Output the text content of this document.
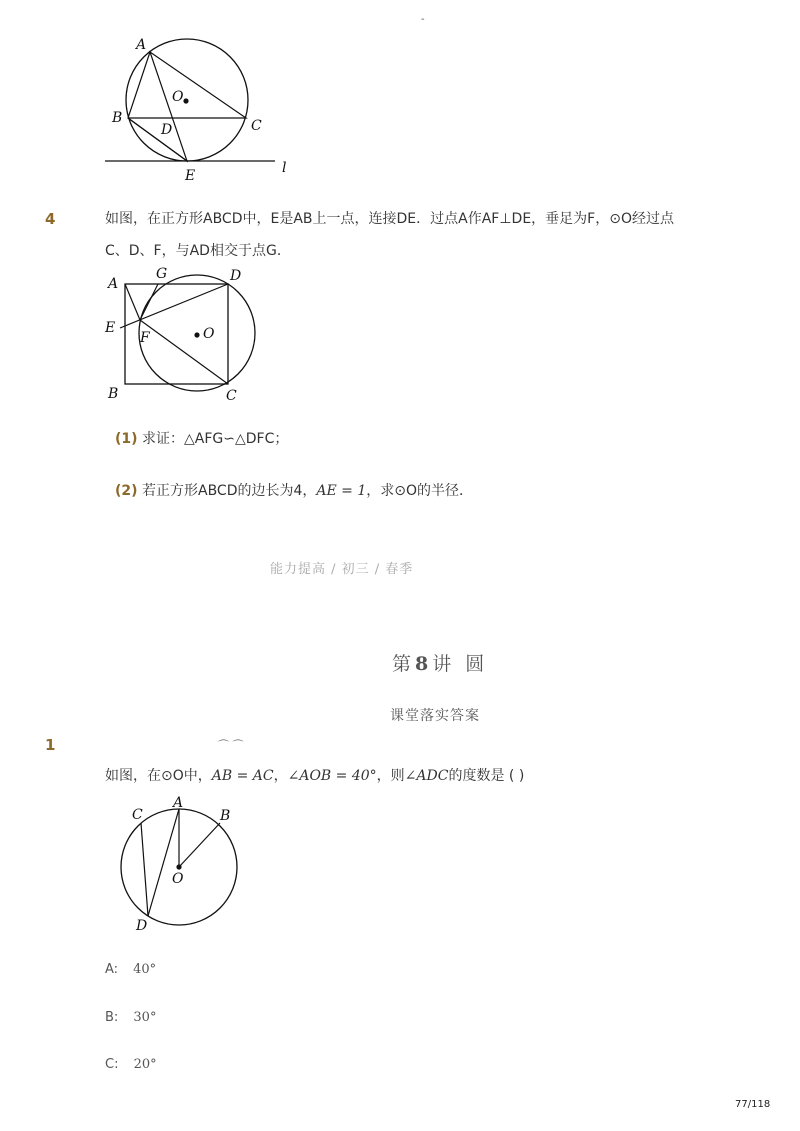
-
A
O
B
D	C
E	l
4	如图，在正方形ABCD中，E是AB上一点，连接DE．过点A作AF⊥DE，垂足为F，⊙O经过点
C、D、F，与AD相交于点G．
A
G	D
E
F	O
B	C
(1) 求证：△AFG∽△DFC；
(2) 若正方形ABCD的边长为4，AE = 1，求⊙O的半径．
能力提高 / 初三 / 春季
第8讲 圆
课堂落实答案
1	⌒ ⌒
如图，在⊙O中，AB = AC，∠AOB = 40°，则∠ADC的度数是 ( )
C
A
B
O
D
A: 40°
B: 30°
C: 20°
77/118
